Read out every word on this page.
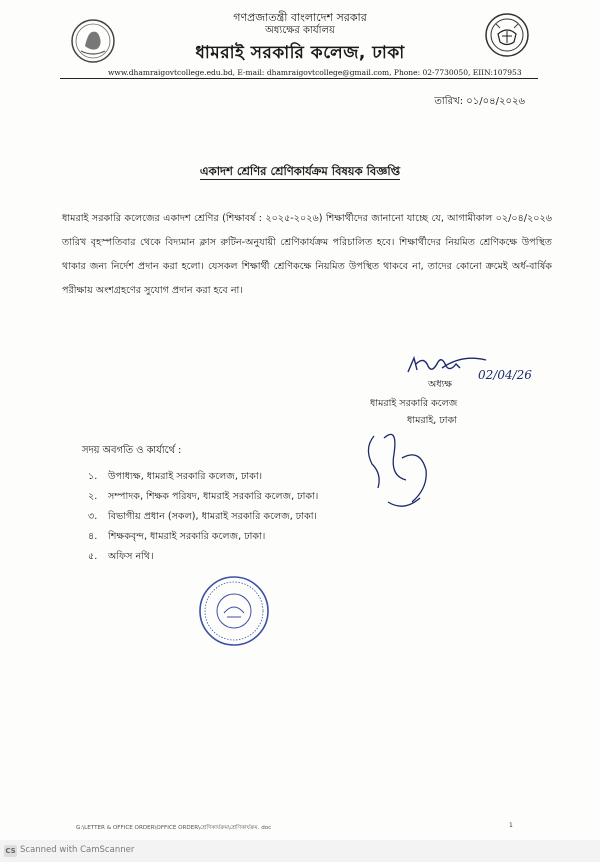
গণপ্রজাতন্ত্রী বাংলাদেশ সরকার
অধ্যক্ষের কার্যালয়
ধামরাই সরকারি কলেজ, ঢাকা
www.dhamraigovtcollege.edu.bd, E-mail: dhamraigovtcollege@gmail.com, Phone: 02-7730050, EIIN:107953
তারিখ: ০১/০৪/২০২৬
একাদশ শ্রেণির শ্রেণিকার্যক্রম বিষয়ক বিজ্ঞপ্তি
ধামরাই সরকারি কলেজের একাদশ শ্রেণির (শিক্ষাবর্ষ : ২০২৫-২০২৬) শিক্ষার্থীদের জানানো যাচ্ছে যে, আগামীকাল ০২/০৪/২০২৬ তারিখ বৃহস্পতিবার থেকে বিদ্যমান ক্লাস রুটিন-অনুযায়ী শ্রেণিকার্যক্রম পরিচালিত হবে। শিক্ষার্থীদের নিয়মিত শ্রেণিকক্ষে উপস্থিত থাকার জন্য নির্দেশ প্রদান করা হলো। যেসকল শিক্ষার্থী শ্রেণিকক্ষে নিয়মিত উপস্থিত থাকবে না, তাদের কোনো ক্রমেই অর্ধ-বার্ষিক পরীক্ষায় অংশগ্রহণের সুযোগ প্রদান করা হবে না।
02/04/26
অধ্যক্ষ
ধামরাই সরকারি কলেজ
ধামরাই, ঢাকা
সদয় অবগতি ও কার্যার্থে :
১.	উপাধ্যক্ষ, ধামরাই সরকারি কলেজ, ঢাকা।
২.	সম্পাদক, শিক্ষক পরিষদ, ধামরাই সরকারি কলেজ, ঢাকা।
৩.	বিভাগীয় প্রধান (সকল), ধামরাই সরকারি কলেজ, ঢাকা।
৪.	শিক্ষকবৃন্দ, ধামরাই সরকারি কলেজ, ঢাকা।
৫.	অফিস নথি।
G:\LETTER & OFFICE ORDER\OFFICE ORDER\শ্রেণিকার্যক্রম\শ্রেণিকার্যক্রম. doc	1
CS Scanned with CamScanner
